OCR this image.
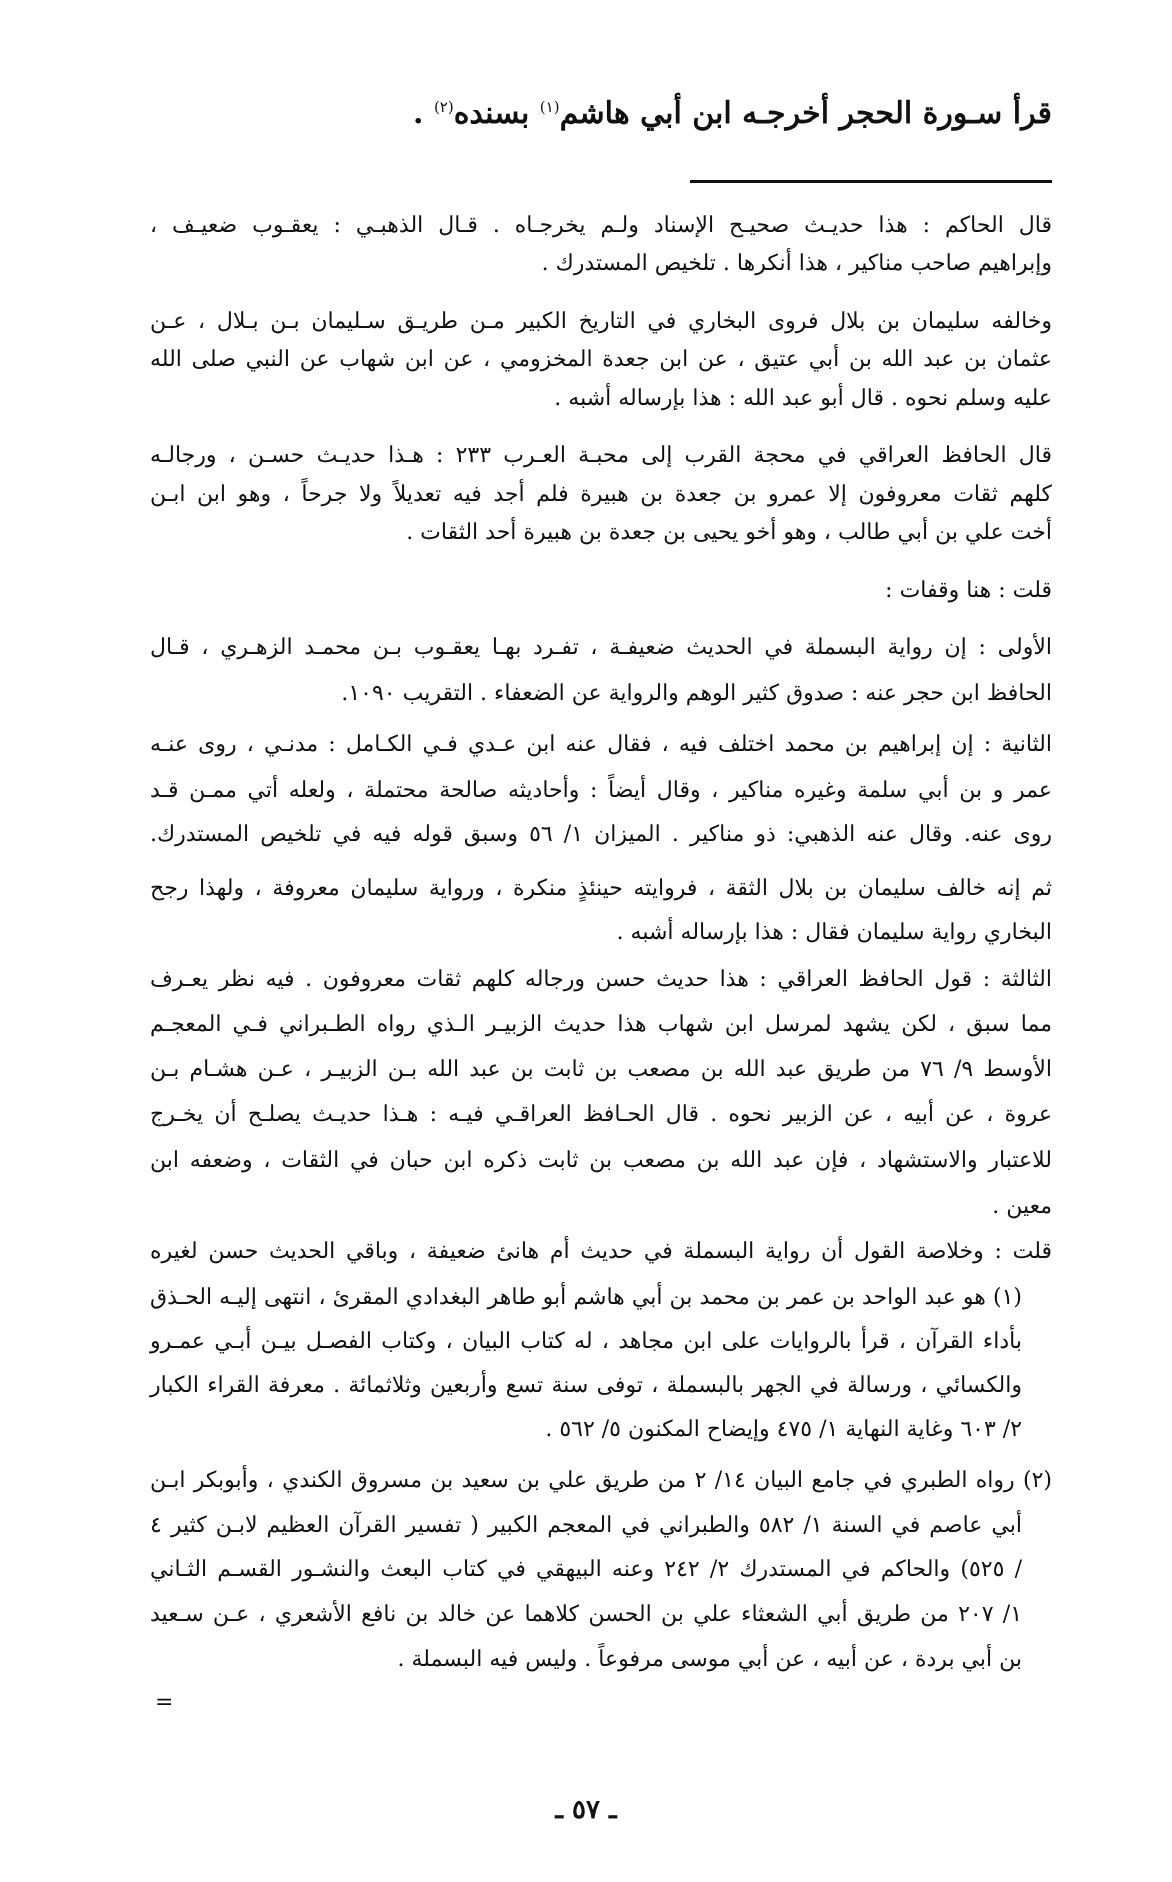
قرأ سـورة الحجر أخرجـه ابن أبي هاشم$^{(١)}$ بسنده$^{(٢)}$ .
قال الحاكم : هذا حديـث صحيـح الإسناد ولـم يخرجـاه . قـال الذهبـي : يعقـوب ضعيـف ،
وإبراهيم صاحب مناكير ، هذا أنكرها . تلخيص المستدرك .
وخالفه سليمان بن بلال فروى البخاري في التاريخ الكبير مـن طريـق سـليمان بـن بـلال ، عـن
عثمان بن عبد الله بن أبي عتيق ، عن ابن جعدة المخزومي ، عن ابن شهاب عن النبي صلى الله
عليه وسلم نحوه . قال أبو عبد الله : هذا بإرساله أشبه .
قال الحافظ العراقي في محجة القرب إلى محبـة العـرب ٢٣٣ : هـذا حديـث حسـن ، ورجالـه
كلهم ثقات معروفون إلا عمرو بن جعدة بن هبيرة فلم أجد فيه تعديلاً ولا جرحاً ، وهو ابن ابـن
أخت علي بن أبي طالب ، وهو أخو يحيى بن جعدة بن هبيرة أحد الثقات .
قلت : هنا وقفات :
الأولى : إن رواية البسملة في الحديث ضعيفـة ، تفـرد بهـا يعقـوب بـن محمـد الزهـري ، قـال
الحافظ ابن حجر عنه : صدوق كثير الوهم والرواية عن الضعفاء . التقريب ١٠٩٠.
الثانية : إن إبراهيم بن محمد اختلف فيه ، فقال عنه ابن عـدي فـي الكـامل : مدنـي ، روى عنـه
عمر و بن أبي سلمة وغيره مناكير ، وقال أيضاً : وأحاديثه صالحة محتملة ، ولعله أتي ممـن قـد
روى عنه. وقال عنه الذهبي: ذو مناكير . الميزان ١/ ٥٦ وسبق قوله فيه في تلخيص المستدرك.
ثم إنه خالف سليمان بن بلال الثقة ، فروايته حينئذٍ منكرة ، ورواية سليمان معروفة ، ولهذا رجح
البخاري رواية سليمان فقال : هذا بإرساله أشبه .
الثالثة : قول الحافظ العراقي : هذا حديث حسن ورجاله كلهم ثقات معروفون . فيه نظر يعـرف
مما سبق ، لكن يشهد لمرسل ابن شهاب هذا حديث الزبيـر الـذي رواه الطـبراني فـي المعجـم
الأوسط ٩/ ٧٦ من طريق عبد الله بن مصعب بن ثابت بن عبد الله بـن الزبيـر ، عـن هشـام بـن
عروة ، عن أبيه ، عن الزبير نحوه . قال الحـافظ العراقـي فيـه : هـذا حديـث يصلـح أن يخـرج
للاعتبار والاستشهاد ، فإن عبد الله بن مصعب بن ثابت ذكره ابن حبان في الثقات ، وضعفه ابن
معين .
قلت : وخلاصة القول أن رواية البسملة في حديث أم هانئ ضعيفة ، وباقي الحديث حسن لغيره
(١) هو عبد الواحد بن عمر بن محمد بن أبي هاشم أبو طاهر البغدادي المقرئ ، انتهى إليـه الحـذق
بأداء القرآن ، قرأ بالروايات على ابن مجاهد ، له كتاب البيان ، وكتاب الفصـل بيـن أبـي عمـرو
والكسائي ، ورسالة في الجهر بالبسملة ، توفى سنة تسع وأربعين وثلاثمائة . معرفة القراء الكبار
٢/ ٦٠٣ وغاية النهاية ١/ ٤٧٥ وإيضاح المكنون ٥/ ٥٦٢ .
(٢) رواه الطبري في جامع البيان ١٤/ ٢ من طريق علي بن سعيد بن مسروق الكندي ، وأبوبكر ابـن
أبي عاصم في السنة ١/ ٥٨٢ والطبراني في المعجم الكبير ( تفسير القرآن العظيم لابـن كثير ٤
/ ٥٢٥) والحاكم في المستدرك ٢/ ٢٤٢ وعنه البيهقي في كتاب البعث والنشـور القسـم الثـاني
١/ ٢٠٧ من طريق أبي الشعثاء علي بن الحسن كلاهما عن خالد بن نافع الأشعري ، عـن سـعيد
بن أبي بردة ، عن أبيه ، عن أبي موسى مرفوعاً . وليس فيه البسملة .
=
ـ ٥٧ ـ
